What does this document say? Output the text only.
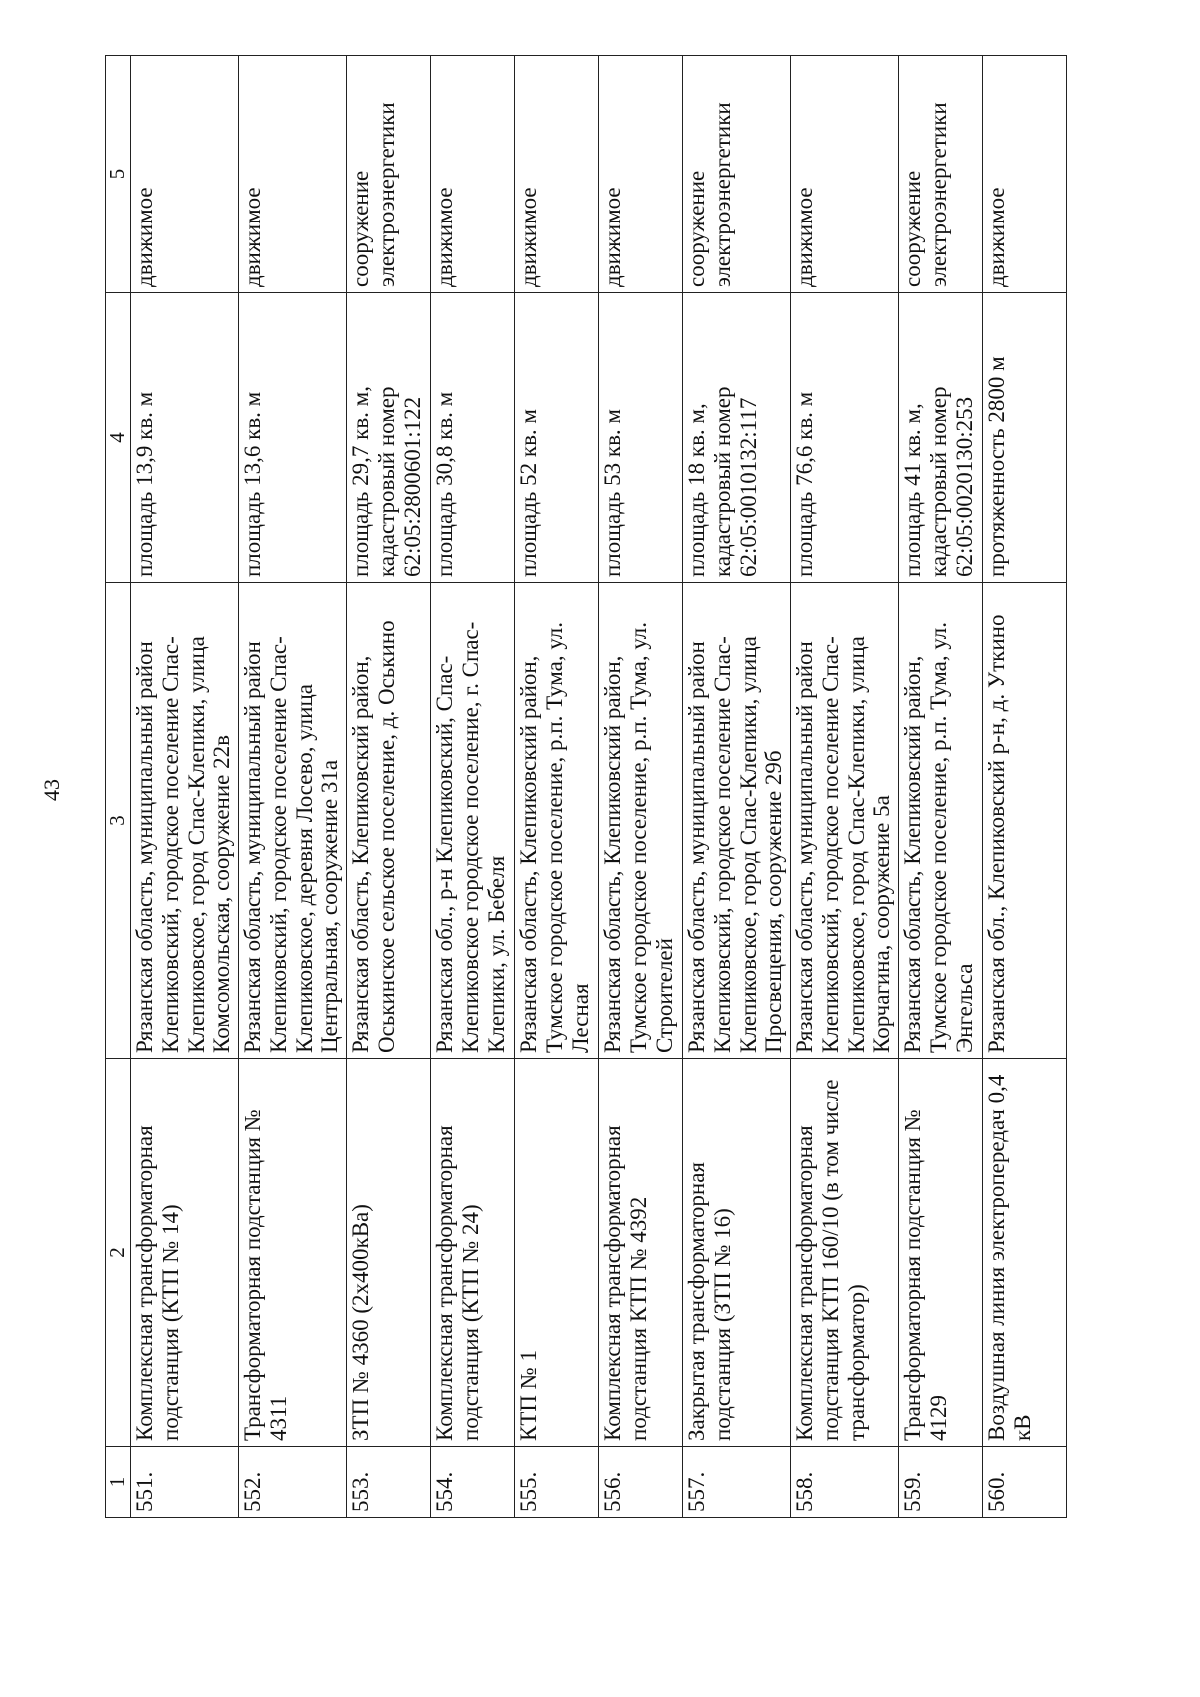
43
1	2	3	4	5
551.	Комплексная трансформаторная подстанция (КТП № 14)	Рязанская область, муниципальный район Клепиковский, городское поселение Спас-Клепиковское, город Спас-Клепики, улица Комсомольская, сооружение 22в	площадь 13,9 кв. м	движимое
552.	Трансформаторная подстанция № 4311	Рязанская область, муниципальный район Клепиковский, городское поселение Спас-Клепиковское, деревня Лосево, улица Центральная, сооружение 31а	площадь 13,6 кв. м	движимое
553.	ЗТП № 4360 (2х400кВа)	Рязанская область, Клепиковский район, Оськинское сельское поселение, д. Оськино	площадь 29,7 кв. м, кадастровый номер 62:05:2800601:122	сооружение электроэнергетики
554.	Комплексная трансформаторная подстанция (КТП № 24)	Рязанская обл., р-н Клепиковский, Спас-Клепиковское городское поселение, г. Спас-Клепики, ул. Бебеля	площадь 30,8 кв. м	движимое
555.	КТП № 1	Рязанская область, Клепиковский район, Тумское городское поселение, р.п. Тума, ул. Лесная	площадь 52 кв. м	движимое
556.	Комплексная трансформаторная подстанция КТП № 4392	Рязанская область, Клепиковский район, Тумское городское поселение, р.п. Тума, ул. Строителей	площадь 53 кв. м	движимое
557.	Закрытая трансформаторная подстанция (ЗТП № 16)	Рязанская область, муниципальный район Клепиковский, городское поселение Спас-Клепиковское, город Спас-Клепики, улица Просвещения, сооружение 29б	площадь 18 кв. м, кадастровый номер 62:05:0010132:117	сооружение электроэнергетики
558.	Комплексная трансформаторная подстанция КТП 160/10 (в том числе трансформатор)	Рязанская область, муниципальный район Клепиковский, городское поселение Спас-Клепиковское, город Спас-Клепики, улица Корчагина, сооружение 5а	площадь 76,6 кв. м	движимое
559.	Трансформаторная подстанция № 4129	Рязанская область, Клепиковский район, Тумское городское поселение, р.п. Тума, ул. Энгельса	площадь 41 кв. м, кадастровый номер 62:05:0020130:253	сооружение электроэнергетики
560.	Воздушная линия электропередач 0,4 кВ	Рязанская обл., Клепиковский р-н, д. Уткино	протяженность 2800 м	движимое
